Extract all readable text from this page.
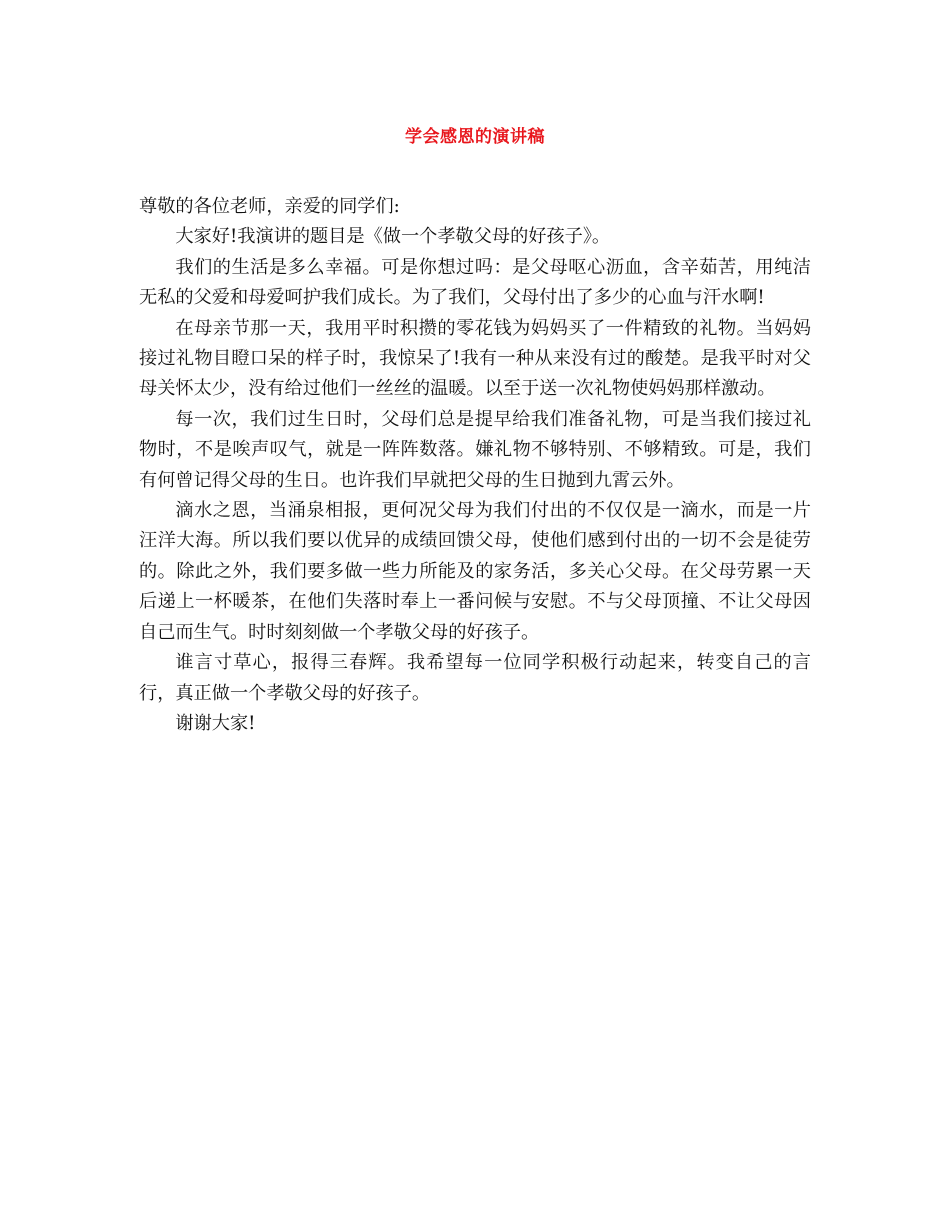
学会感恩的演讲稿

尊敬的各位老师，亲爱的同学们:

大家好!我演讲的题目是《做一个孝敬父母的好孩子》。

我们的生活是多么幸福。可是你想过吗：是父母呕心沥血，含辛茹苦，用纯洁无私的父爱和母爱呵护我们成长。为了我们，父母付出了多少的心血与汗水啊!

在母亲节那一天，我用平时积攒的零花钱为妈妈买了一件精致的礼物。当妈妈接过礼物目瞪口呆的样子时，我惊呆了!我有一种从来没有过的酸楚。是我平时对父母关怀太少，没有给过他们一丝丝的温暖。以至于送一次礼物使妈妈那样激动。

每一次，我们过生日时，父母们总是提早给我们准备礼物，可是当我们接过礼物时，不是唉声叹气，就是一阵阵数落。嫌礼物不够特别、不够精致。可是，我们有何曾记得父母的生日。也许我们早就把父母的生日抛到九霄云外。

滴水之恩，当涌泉相报，更何况父母为我们付出的不仅仅是一滴水，而是一片汪洋大海。所以我们要以优异的成绩回馈父母，使他们感到付出的一切不会是徒劳的。除此之外，我们要多做一些力所能及的家务活，多关心父母。在父母劳累一天后递上一杯暖茶，在他们失落时奉上一番问候与安慰。不与父母顶撞、不让父母因自己而生气。时时刻刻做一个孝敬父母的好孩子。

谁言寸草心，报得三春辉。我希望每一位同学积极行动起来，转变自己的言行，真正做一个孝敬父母的好孩子。

谢谢大家!
